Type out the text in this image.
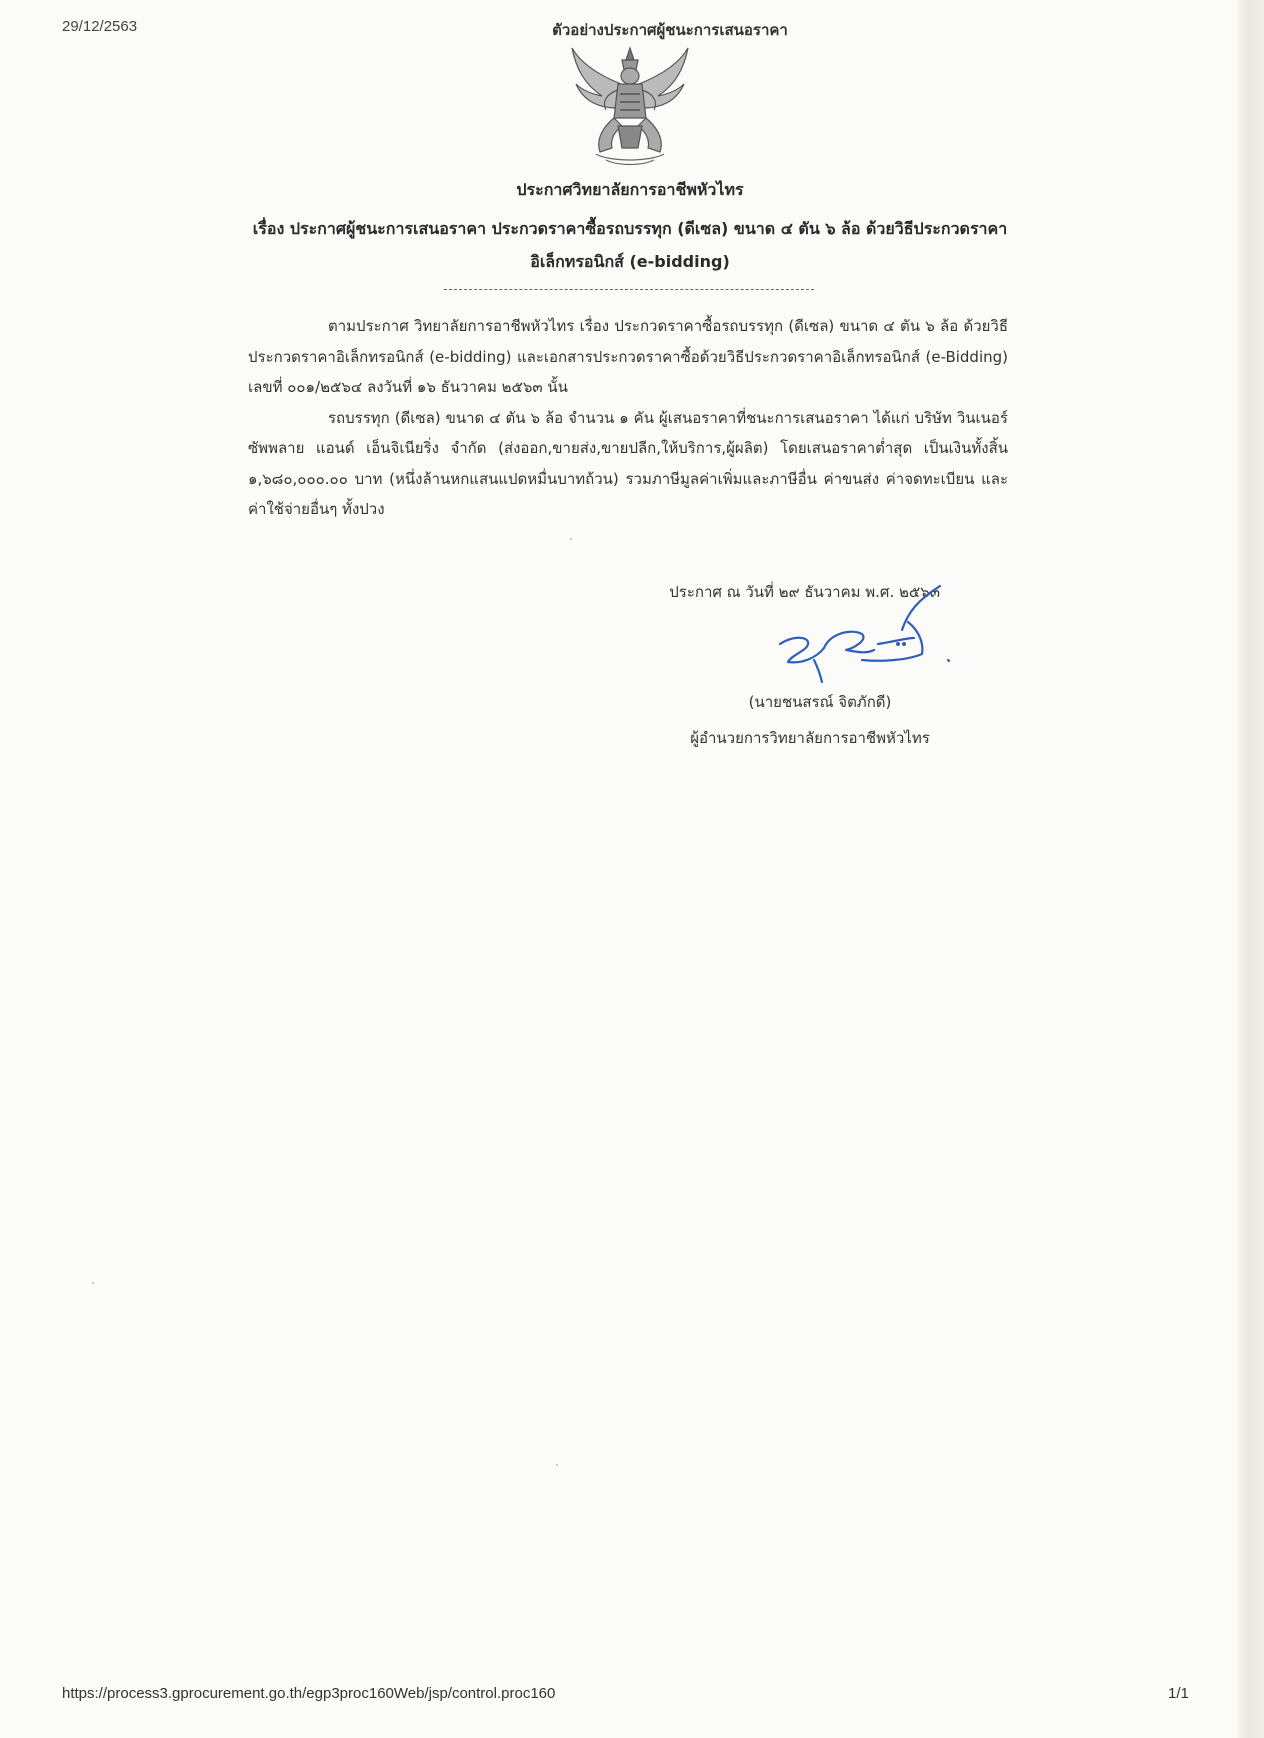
29/12/2563	ตัวอย่างประกาศผู้ชนะการเสนอราคา
ประกาศวิทยาลัยการอาชีพหัวไทร
เรื่อง ประกาศผู้ชนะการเสนอราคา ประกวดราคาซื้อรถบรรทุก (ดีเซล) ขนาด ๔ ตัน ๖ ล้อ ด้วยวิธีประกวดราคา
อิเล็กทรอนิกส์ (e-bidding)

ตามประกาศ วิทยาลัยการอาชีพหัวไทร เรื่อง ประกวดราคาซื้อรถบรรทุก (ดีเซล) ขนาด ๔ ตัน ๖ ล้อ ด้วยวิธีประกวดราคาอิเล็กทรอนิกส์ (e-bidding) และเอกสารประกวดราคาซื้อด้วยวิธีประกวดราคาอิเล็กทรอนิกส์ (e-Bidding) เลขที่ ๐๐๑/๒๕๖๔ ลงวันที่ ๑๖ ธันวาคม ๒๕๖๓ นั้น

รถบรรทุก (ดีเซล) ขนาด ๔ ตัน ๖ ล้อ จำนวน ๑ คัน ผู้เสนอราคาที่ชนะการเสนอราคา ได้แก่ บริษัท วินเนอร์ ซัพพลาย แอนด์ เอ็นจิเนียริ่ง จำกัด (ส่งออก,ขายส่ง,ขายปลีก,ให้บริการ,ผู้ผลิต) โดยเสนอราคาต่ำสุด เป็นเงินทั้งสิ้น ๑,๖๘๐,๐๐๐.๐๐ บาท (หนึ่งล้านหกแสนแปดหมื่นบาทถ้วน) รวมภาษีมูลค่าเพิ่มและภาษีอื่น ค่าขนส่ง ค่าจดทะเบียน และค่าใช้จ่ายอื่นๆ ทั้งปวง

ประกาศ ณ วันที่ ๒๙ ธันวาคม พ.ศ. ๒๕๖๓
(นายชนสรณ์ จิตภักดี)
ผู้อำนวยการวิทยาลัยการอาชีพหัวไทร
https://process3.gprocurement.go.th/egp3proc160Web/jsp/control.proc160	1/1
